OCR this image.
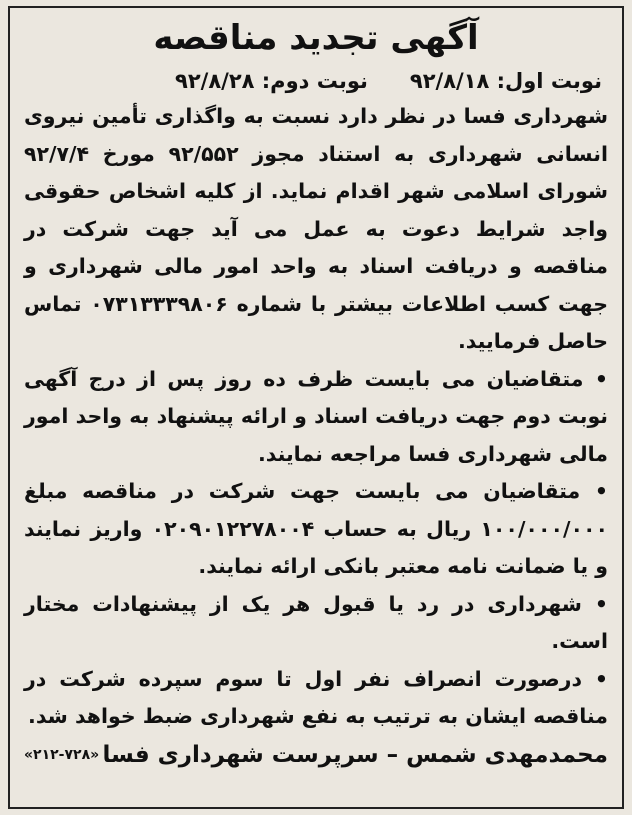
آگهی تجدید مناقصه
نوبت اول: ۹۲/۸/۱۸
نوبت دوم: ۹۲/۸/۲۸

شهرداری فسا در نظر دارد نسبت به واگذاری تأمین نیروی انسانی شهرداری به استناد مجوز ۹۲/۵۵۲ مورخ ۹۲/۷/۴ شورای اسلامی شهر اقدام نماید. از کلیه اشخاص حقوقی واجد شرایط دعوت به عمل می آید جهت شرکت در مناقصه و دریافت اسناد به واحد امور مالی شهرداری و جهت کسب اطلاعات بیشتر با شماره ۰۷۳۱۳۳۳۹۸۰۶ تماس حاصل فرمایید.

• متقاضیان می بایست ظرف ده روز پس از درج آگهی نوبت دوم جهت دریافت اسناد و ارائه پیشنهاد به واحد امور مالی شهرداری فسا مراجعه نمایند.

• متقاضیان می بایست جهت شرکت در مناقصه مبلغ ۱۰۰/۰۰۰/۰۰۰ ریال به حساب ۰۲۰۹۰۱۲۲۷۸۰۰۴ واریز نمایند و یا ضمانت نامه معتبر بانکی ارائه نمایند.

• شهرداری در رد یا قبول هر یک از پیشنهادات مختار است.

• درصورت انصراف نفر اول تا سوم سپرده شرکت در مناقصه ایشان به ترتیب به نفع شهرداری ضبط خواهد شد.

محمدمهدی شمس – سرپرست شهرداری فسا
«۲۱۲-۷۲۸»
